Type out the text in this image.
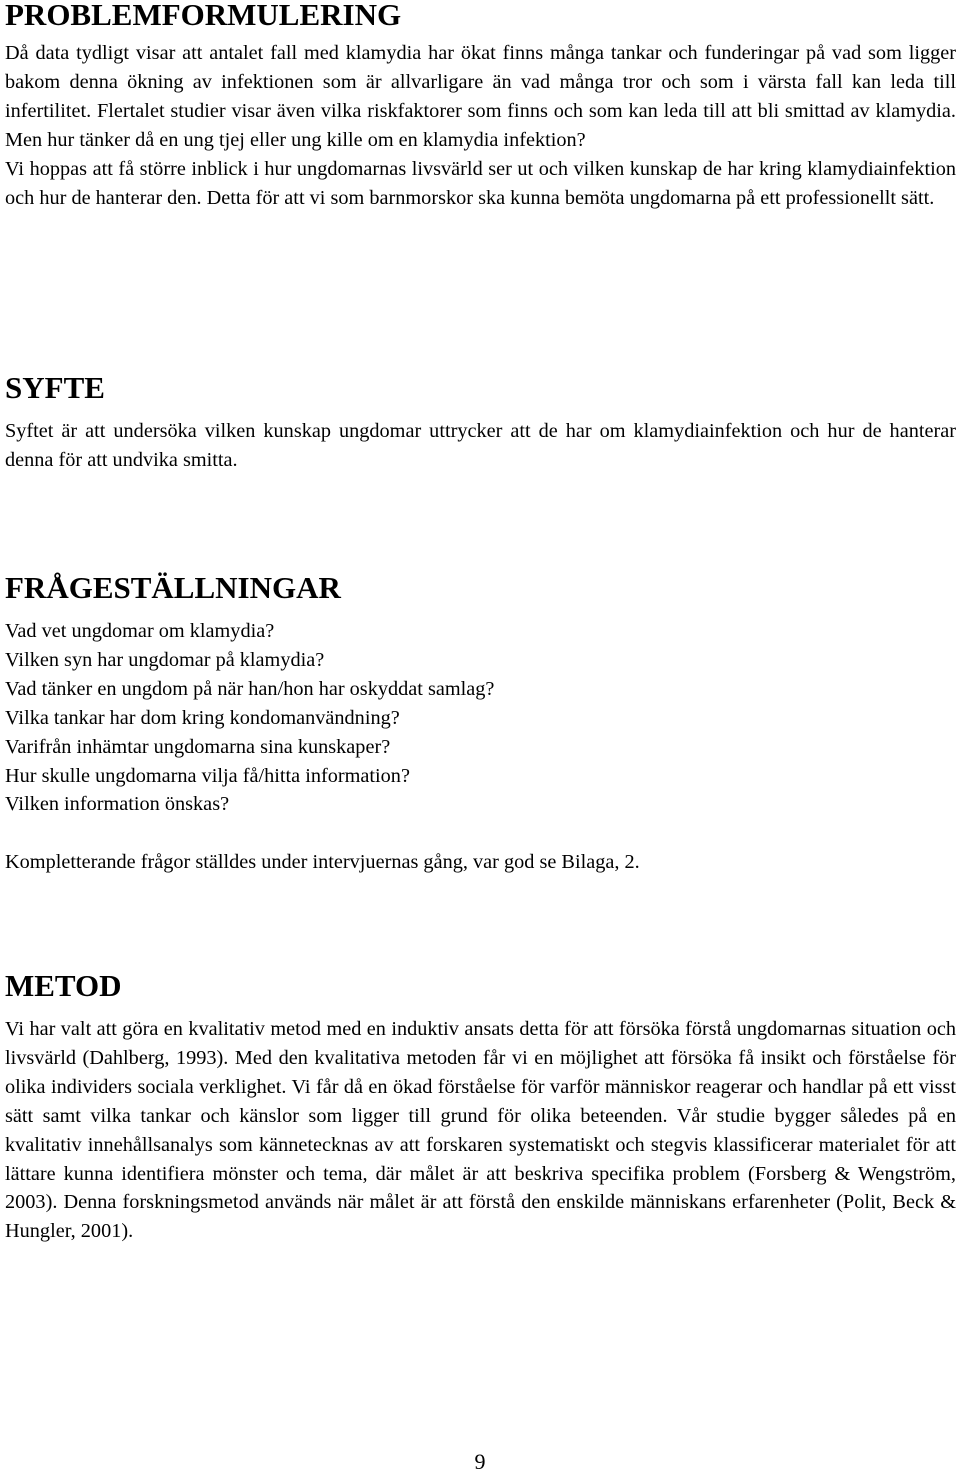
PROBLEMFORMULERING

Då data tydligt visar att antalet fall med klamydia har ökat finns många tankar och funderingar på vad som ligger bakom denna ökning av infektionen som är allvarligare än vad många tror och som i värsta fall kan leda till infertilitet. Flertalet studier visar även vilka riskfaktorer som finns och som kan leda till att bli smittad av klamydia. Men hur tänker då en ung tjej eller ung kille om en klamydia infektion?

Vi hoppas att få större inblick i hur ungdomarnas livsvärld ser ut och vilken kunskap de har kring klamydiainfektion och hur de hanterar den. Detta för att vi som barnmorskor ska kunna bemöta ungdomarna på ett professionellt sätt.

SYFTE

Syftet är att undersöka vilken kunskap ungdomar uttrycker att de har om klamydiainfektion och hur de hanterar denna för att undvika smitta.

FRÅGESTÄLLNINGAR
Vad vet ungdomar om klamydia?
Vilken syn har ungdomar på klamydia?
Vad tänker en ungdom på när han/hon har oskyddat samlag?
Vilka tankar har dom kring kondomanvändning?
Varifrån inhämtar ungdomarna sina kunskaper?
Hur skulle ungdomarna vilja få/hitta information?
Vilken information önskas?
Kompletterande frågor ställdes under intervjuernas gång, var god se Bilaga, 2.
METOD

Vi har valt att göra en kvalitativ metod med en induktiv ansats detta för att försöka förstå ungdomarnas situation och livsvärld (Dahlberg, 1993). Med den kvalitativa metoden får vi en möjlighet att försöka få insikt och förståelse för olika individers sociala verklighet. Vi får då en ökad förståelse för varför människor reagerar och handlar på ett visst sätt samt vilka tankar och känslor som ligger till grund för olika beteenden. Vår studie bygger således på en kvalitativ innehållsanalys som kännetecknas av att forskaren systematiskt och stegvis klassificerar materialet för att lättare kunna identifiera mönster och tema, där målet är att beskriva specifika problem (Forsberg & Wengström, 2003). Denna forskningsmetod används när målet är att förstå den enskilde människans erfarenheter (Polit, Beck & Hungler, 2001).

9
